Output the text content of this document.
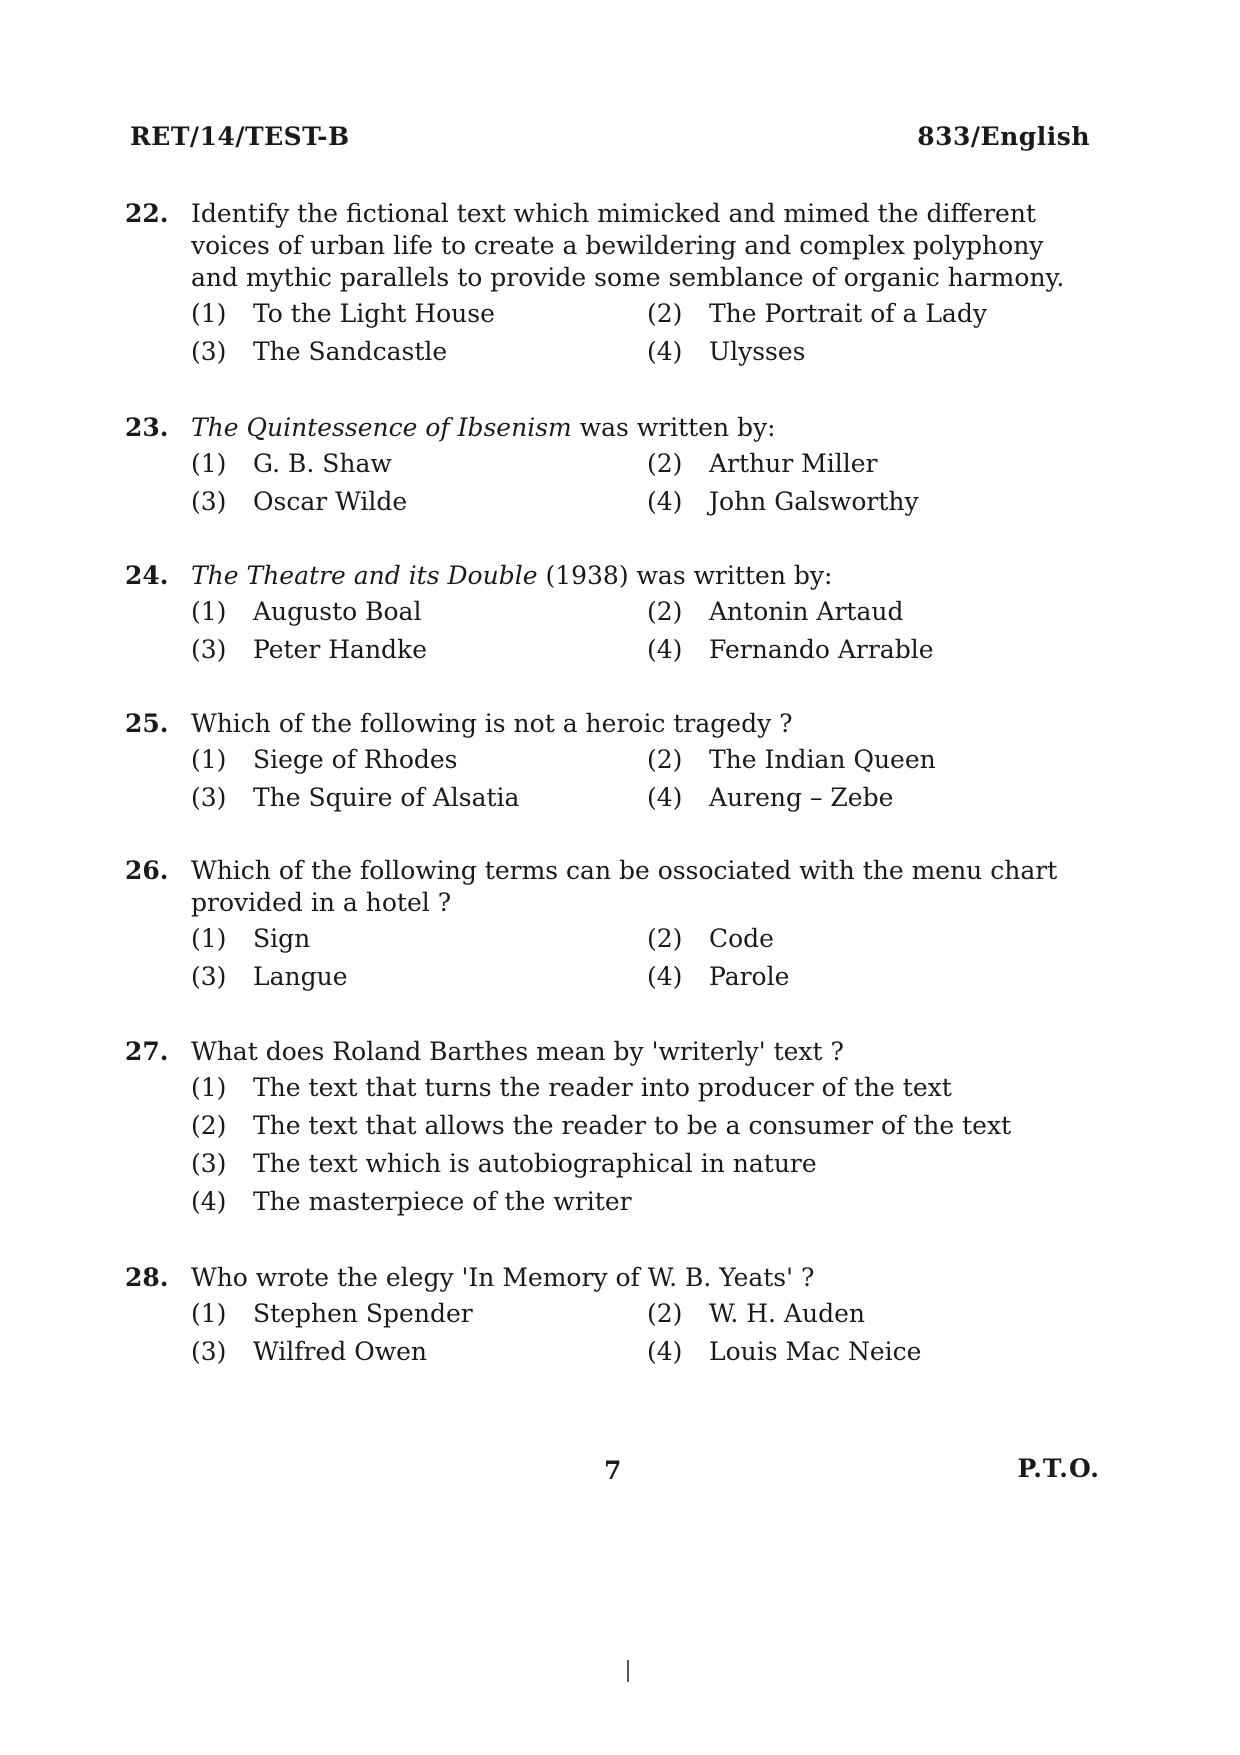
RET/14/TEST-B	833/English
22. Identify the fictional text which mimicked and mimed the different voices of urban life to create a bewildering and complex polyphony and mythic parallels to provide some semblance of organic harmony.
(1)	To the Light House	(2)	The Portrait of a Lady
(3)	The Sandcastle	(4)	Ulysses
23. The Quintessence of Ibsenism was written by:
(1)	G. B. Shaw	(2)	Arthur Miller
(3)	Oscar Wilde	(4)	John Galsworthy
24. The Theatre and its Double (1938) was written by:
(1)	Augusto Boal	(2)	Antonin Artaud
(3)	Peter Handke	(4)	Fernando Arrable
25. Which of the following is not a heroic tragedy ?
(1)	Siege of Rhodes	(2)	The Indian Queen
(3)	The Squire of Alsatia	(4)	Aureng – Zebe
26. Which of the following terms can be ossociated with the menu chart provided in a hotel ?
(1)	Sign	(2)	Code
(3)	Langue	(4)	Parole
27. What does Roland Barthes mean by 'writerly' text ?
(1)	The text that turns the reader into producer of the text
(2)	The text that allows the reader to be a consumer of the text
(3)	The text which is autobiographical in nature
(4)	The masterpiece of the writer
28. Who wrote the elegy 'In Memory of W. B. Yeats' ?
(1)	Stephen Spender	(2)	W. H. Auden
(3)	Wilfred Owen	(4)	Louis Mac Neice
7	P.T.O.
